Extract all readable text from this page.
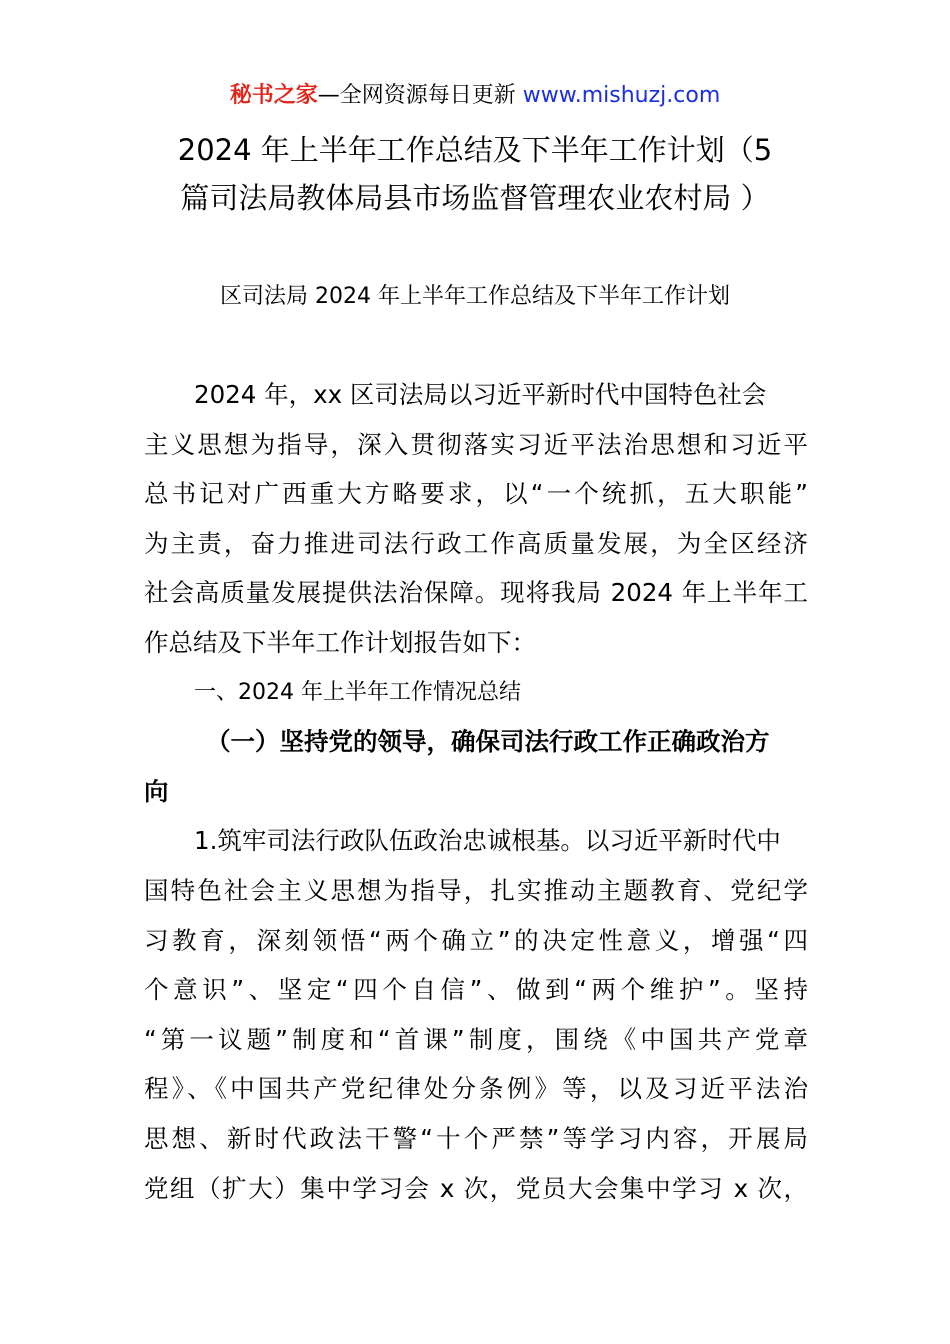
秘书之家—全网资源每日更新 www.mishuzj.com
2024 年上半年工作总结及下半年工作计划（5
篇司法局教体局县市场监督管理农业农村局 ）
区司法局 2024 年上半年工作总结及下半年工作计划
2024 年，xx 区司法局以习近平新时代中国特色社会
主义思想为指导，深入贯彻落实习近平法治思想和习近平
总书记对广西重大方略要求，以“一个统抓，五大职能”
为主责，奋力推进司法行政工作高质量发展，为全区经济
社会高质量发展提供法治保障。现将我局 2024 年上半年工
作总结及下半年工作计划报告如下：
一、2024 年上半年工作情况总结
（一）坚持党的领导，确保司法行政工作正确政治方
向
1.筑牢司法行政队伍政治忠诚根基。以习近平新时代中
国特色社会主义思想为指导，扎实推动主题教育、党纪学
习教育，深刻领悟“两个确立”的决定性意义，增强“四
个意识”、坚定“四个自信”、做到“两个维护”。坚持
“第一议题”制度和“首课”制度，围绕《中国共产党章
程》、《中国共产党纪律处分条例》等，以及习近平法治
思想、新时代政法干警“十个严禁”等学习内容，开展局
党组（扩大）集中学习会 x 次，党员大会集中学习 x 次，
